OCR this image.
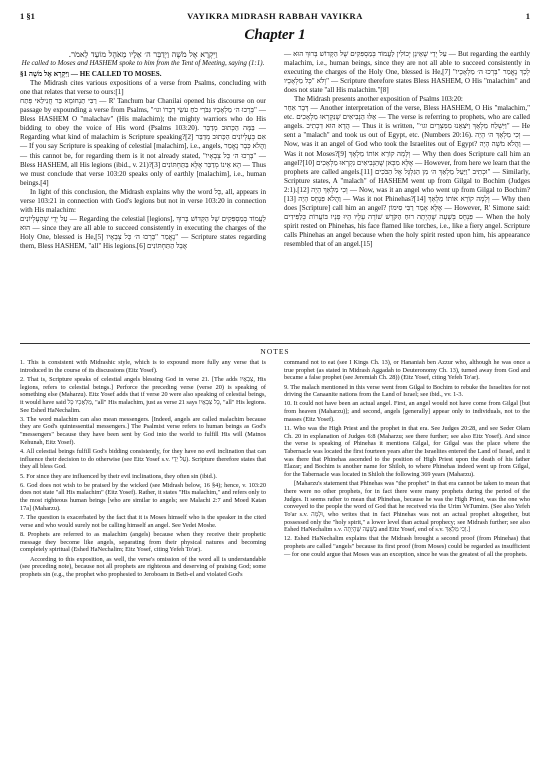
1 §1	VAYIKRA MIDRASH RABBAH VAYIKRA	1
Chapter 1
וַיִּקְרָא אֶל מֹשֶׁה וַיְדַבֵּר ה׳ אֵלָיו מֵאֹהֶל מוֹעֵד לֵאמֹר.
He called to Moses and HASHEM spoke to him from the Tent of Meeting, saying (1:1).

§1 וַיִּקְרָא אֶל מֹשֶׁה — HE CALLED TO MOSES.

The Midrash cites various expositions of a verse from Psalms, concluding with one that relates that verse to ours:[1]

רַבִּי תַנְחוּמָא בַּר חֲנִילַאי פָּתַח — R' Tanchum bar Chanilai opened his discourse on our passage by expounding a verse from Psalms, "בָּרְכוּ ה׳ מַלְאָכָיו גִּבֹּרֵי כֹחַ עֹשֵׂי דְבָרוֹ וגו׳" — Bless HASHEM O "malachav" (His malachim); the mighty warriors who do His bidding to obey the voice of His word (Psalms 103:20). בַּמֶּה הַכָּתוּב מְדַבֵּר — Regarding what kind of malachim is Scripture speaking?[2] אִם בְּעֶלְיוֹנִים הַכָּתוּב מְדַבֵּר — If you say Scripture is speaking of celestial [malachim], i.e., angels, וַהֲלֹא כְּבָר נֶאֱמַר — this cannot be, for regarding them is it not already stated, "בָּרְכוּ ה׳ כָּל צְבָאָיו" — Bless HASHEM, all His legions (ibid., v. 21)?[3] הָא אֵינוֹ מְדַבֵּר אֶלָּא בַּתַּחְתּוֹנִים — Thus we must conclude that verse 103:20 speaks only of earthly [malachim], i.e., human beings.[4]

In light of this conclusion, the Midrash explains why the word כָּל, all, appears in verse 103:21 in connection with God's legions but not in verse 103:20 in connection with His malachim:

עַל יְדֵי שֶׁהָעֶלְיוֹנִים — Regarding the celestial [legions], לַעֲמוֹד בְּמַסְפִּקִים שֶׁל הַקָּדוֹשׁ בָּרוּךְ הוּא — since they are all able to succeed consistently in executing the charges of the Holy One, blessed is He,[5] נֶאֱמַר "בָּרְכוּ ה׳ כָּל צְבָאָיו" — Scripture states regarding them, Bless HASHEM, "all" His legions.[6] אֲבָל הַתַּחְתּוֹנִים

— עַל יְדֵי שֶׁאֵינָן יְכוֹלִין לַעֲמוֹד בְּמַסְפִּקִים שֶׁל הַקָּדוֹשׁ בָּרוּךְ הוּא — But regarding the earthly malachim, i.e., human beings, since they are not all able to succeed consistently in executing the charges of the Holy One, blessed is He,[7] לְכָךְ נֶאֱמַר "בָּרְכוּ ה׳ מַלְאָכָיו" וְלֹא "כָּל מַלְאָכָיו" — Scripture therefore states Bless HASHEM, O His "malachim" and does not state "all His malachim."[8]

The Midrash presents another exposition of Psalms 103:20:

דָּבָר אַחֵר — Another interpretation of the verse, Bless HASHEM, O His "malachim," etc. אֵלּוּ הַנְּבִיאִים שֶׁנִּקְרְאוּ מַלְאָכִים — The verse is referring to prophets, who are called angels. הֲדָא הוּא דִכְתִיב — Thus it is written, "וַיִּשְׁלַח מַלְאָךְ וַיֹּצִאֵנוּ מִמִּצְרָיִם וגו׳" — He sent a "malach" and took us out of Egypt, etc. (Numbers 20:16). וְכִי מַלְאָךְ ה׳ הָיָה — Now, was it an angel of God who took the Israelites out of Egypt? וַהֲלֹא מֹשֶׁה הָיָה — Was it not Moses?[9] וְלָמָה קוֹרֵא אוֹתוֹ מַלְאָךְ — Why then does Scripture call him an angel?[10] אֶלָּא מִכָּאן שֶׁהַנְּבִיאִים נִקְרְאוּ מַלְאָכִים — However, from here we learn that the prophets are called angels.[11] וּכְתִיב "וַיַּעַל מַלְאַךְ ה׳ מִן הַגִּלְגָּל אֶל הַבֹּכִים" — Similarly, Scripture states, A "malach" of HASHEM went up from Gilgal to Bochim (Judges 2:1).[12] וְכִי מַלְאָךְ הָיָה — Now, was it an angel who went up from Gilgal to Bochim?[13] וַהֲלֹא פִּנְחָס הָיָה — Was it not Phinehas?[14] וְלָמָה קוֹרֵא אוֹתוֹ מַלְאָךְ — Why then does [Scripture] call him an angel? אֶלָּא אָמַר רַבִּי סִימוֹן — However, R' Simone said: פִּנְחָס בְּשָׁעָה שֶׁהָיְתָה רוּחַ הַקֹּדֶשׁ שׁוֹרָה עָלָיו הָיוּ פָנָיו בּוֹעֲרוֹת כְּלַפִּידִים — When the holy spirit rested on Phinehas, his face flamed like torches, i.e., like a fiery angel. Scripture calls Phinehas an angel because when the holy spirit rested upon him, his appearance resembled that of an angel.[15]

NOTES

1. This is consistent with Midrashic style, which is to expound more fully any verse that is introduced in the course of its discussions (Eitz Yosef).

2. That is, Scripture speaks of celestial angels blessing God in verse 21. [The adds צְבָאָיו, His legions, refers to celestial beings.] Perforce the preceding verse (verse 20) is speaking of something else (Maharzu). Eitz Yosef adds that if verse 20 were also speaking of celestial beings, it would have said מַלְאָכָיו כָּל, "all" His malachim, just as verse 21 says כָּל צְבָאָיו, "all" His legions. See Eshed HaNechalim.

3. The word malachim can also mean messengers. [Indeed, angels are called malachim because they are God's quintessential messengers.] The Psalmist verse refers to human beings as God's "messengers" because they have been sent by God into the world to fulfill His will (Matnos Kehunah, Eitz Yosef).

4. All celestial beings fulfill God's bidding consistently, for they have no evil inclination that can influence their decision to do otherwise (see Eitz Yosef s.v. עַל יְדֵי). Scripture therefore states that they all bless God.

5. For since they are influenced by their evil inclinations, they often sin (ibid.).

6. God does not wish to be praised by the wicked (see Midrash below, 16 §4); hence, v. 103:20 does not state "all His malachim" (Eitz Yosef). Rather, it states "His malachim," and refers only to the most righteous human beings [who are similar to angels; see Malachi 2:7 and Moed Katan 17a] (Maharzu).

7. The question is exacerbated by the fact that it is Moses himself who is the speaker in the cited verse and who would surely not be calling himself an angel. See Yedei Moshe.

8. Prophets are referred to as malachim (angels) because when they receive their prophetic message they become like angels, separating from their physical natures and becoming completely spiritual (Eshed HaNechalim; Eitz Yosef, citing Yefeh To'ar).

According to this exposition, as well, the verse's omission of the word all is understandable (see preceding note), because not all prophets are righteous and deserving of praising God; some prophets sin (e.g., the prophet who prophesied to Jeroboam in Beth-el and violated God's

command not to eat (see I Kings Ch. 13), or Hananiah ben Azzur who, although he was once a true prophet (as stated in Midrash Aggadah to Deuteronomy Ch. 13), turned away from God and became a false prophet (see Jeremiah Ch. 28)) (Eitz Yosef, citing Yefeh To'ar).

9. The malach mentioned in this verse went from Gilgal to Bochim to rebuke the Israelites for not driving the Canaanite nations from the Land of Israel; see ibid., vv. 1-3.

10. It could not have been an actual angel. First, an angel would not have come from Gilgal [but from heaven (Maharzu)]; and second, angels [generally] appear only to individuals, not to the masses (Eitz Yosef).

11. Who was the High Priest and the prophet in that era. See Judges 20:28, and see Seder Olam Ch. 20 in explanation of Judges 6:8 (Maharzu; see there further; see also Eitz Yosef). And since the verse is speaking of Phinehas it mentions Gilgal, for Gilgal was the place where the Tabernacle was located the first fourteen years after the Israelites entered the Land of Israel, and it was there that Phinehas ascended to the position of High Priest upon the death of his father Elazar; and Bochim is another name for Shiloh, to where Phinehas indeed went up from Gilgal, for the Tabernacle was located in Shiloh the following 369 years (Maharzu).

[Maharzu's statement that Phinehas was "the prophet" in that era cannot be taken to mean that there were no other prophets, for in fact there were many prophets during the period of the Judges. It seems rather to mean that Phinehas, because he was the High Priest, was the one who conveyed to the people the word of God that he received via the Urim VeTumim. (See also Yefeh To'ar s.v. וּלְמָה, who writes that in fact Phinehas was not an actual prophet altogether, but possessed only the "holy spirit," a lower level than actual prophecy; see Midrash further; see also Eshed HaNechalim s.v. בְּשָׁעָה שֶׁהָיְתָה and Eitz Yosef, end of s.v. וְכִי מַלְאָךְ.]

12. Eshed HaNechalim explains that the Midrash brought a second proof (from Phinehas) that prophets are called "angels" because its first proof (from Moses) could be regarded as insufficient — for one could argue that Moses was an exception, since he was the greatest of all the prophets.
